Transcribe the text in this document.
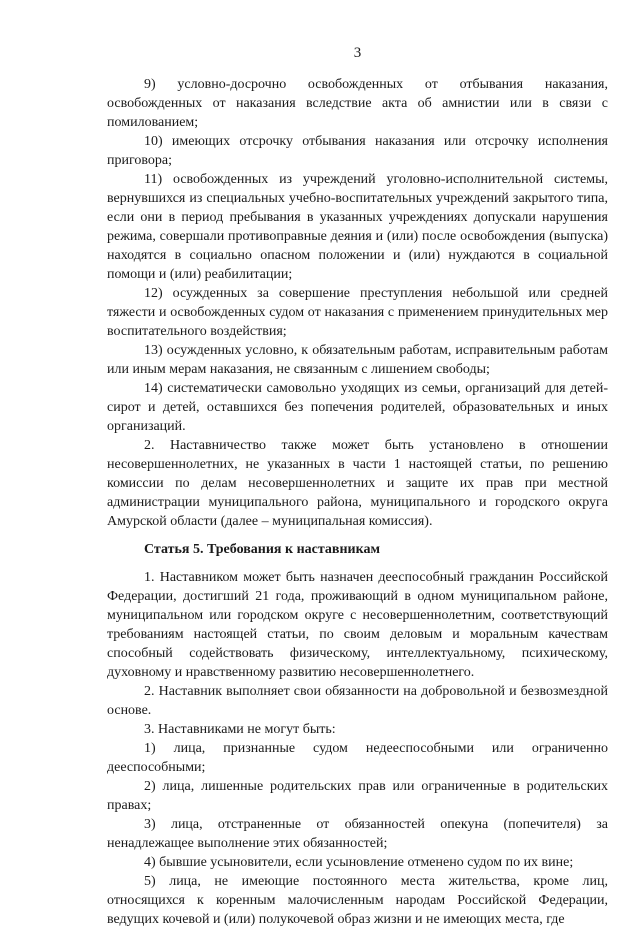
3

9) условно-досрочно освобожденных от отбывания наказания, освобожденных от наказания вследствие акта об амнистии или в связи с помилованием;

10) имеющих отсрочку отбывания наказания или отсрочку исполнения приговора;

11) освобожденных из учреждений уголовно-исполнительной системы, вернувшихся из специальных учебно-воспитательных учреждений закрытого типа, если они в период пребывания в указанных учреждениях допускали нарушения режима, совершали противоправные деяния и (или) после освобождения (выпуска) находятся в социально опасном положении и (или) нуждаются в социальной помощи и (или) реабилитации;

12) осужденных за совершение преступления небольшой или средней тяжести и освобожденных судом от наказания с применением принудительных мер воспитательного воздействия;

13) осужденных условно, к обязательным работам, исправительным работам или иным мерам наказания, не связанным с лишением свободы;

14) систематически самовольно уходящих из семьи, организаций для детей-сирот и детей, оставшихся без попечения родителей, образовательных и иных организаций.

2. Наставничество также может быть установлено в отношении несовершеннолетних, не указанных в части 1 настоящей статьи, по решению комиссии по делам несовершеннолетних и защите их прав при местной администрации муниципального района, муниципального и городского округа Амурской области (далее – муниципальная комиссия).

Статья 5. Требования к наставникам

1. Наставником может быть назначен дееспособный гражданин Российской Федерации, достигший 21 года, проживающий в одном муниципальном районе, муниципальном или городском округе с несовершеннолетним, соответствующий требованиям настоящей статьи, по своим деловым и моральным качествам способный содействовать физическому, интеллектуальному, психическому, духовному и нравственному развитию несовершеннолетнего.

2. Наставник выполняет свои обязанности на добровольной и безвозмездной основе.

3. Наставниками не могут быть:

1) лица, признанные судом недееспособными или ограниченно дееспособными;

2) лица, лишенные родительских прав или ограниченные в родительских правах;

3) лица, отстраненные от обязанностей опекуна (попечителя) за ненадлежащее выполнение этих обязанностей;

4) бывшие усыновители, если усыновление отменено судом по их вине;

5) лица, не имеющие постоянного места жительства, кроме лиц, относящихся к коренным малочисленным народам Российской Федерации, ведущих кочевой и (или) полукочевой образ жизни и не имеющих места, где
